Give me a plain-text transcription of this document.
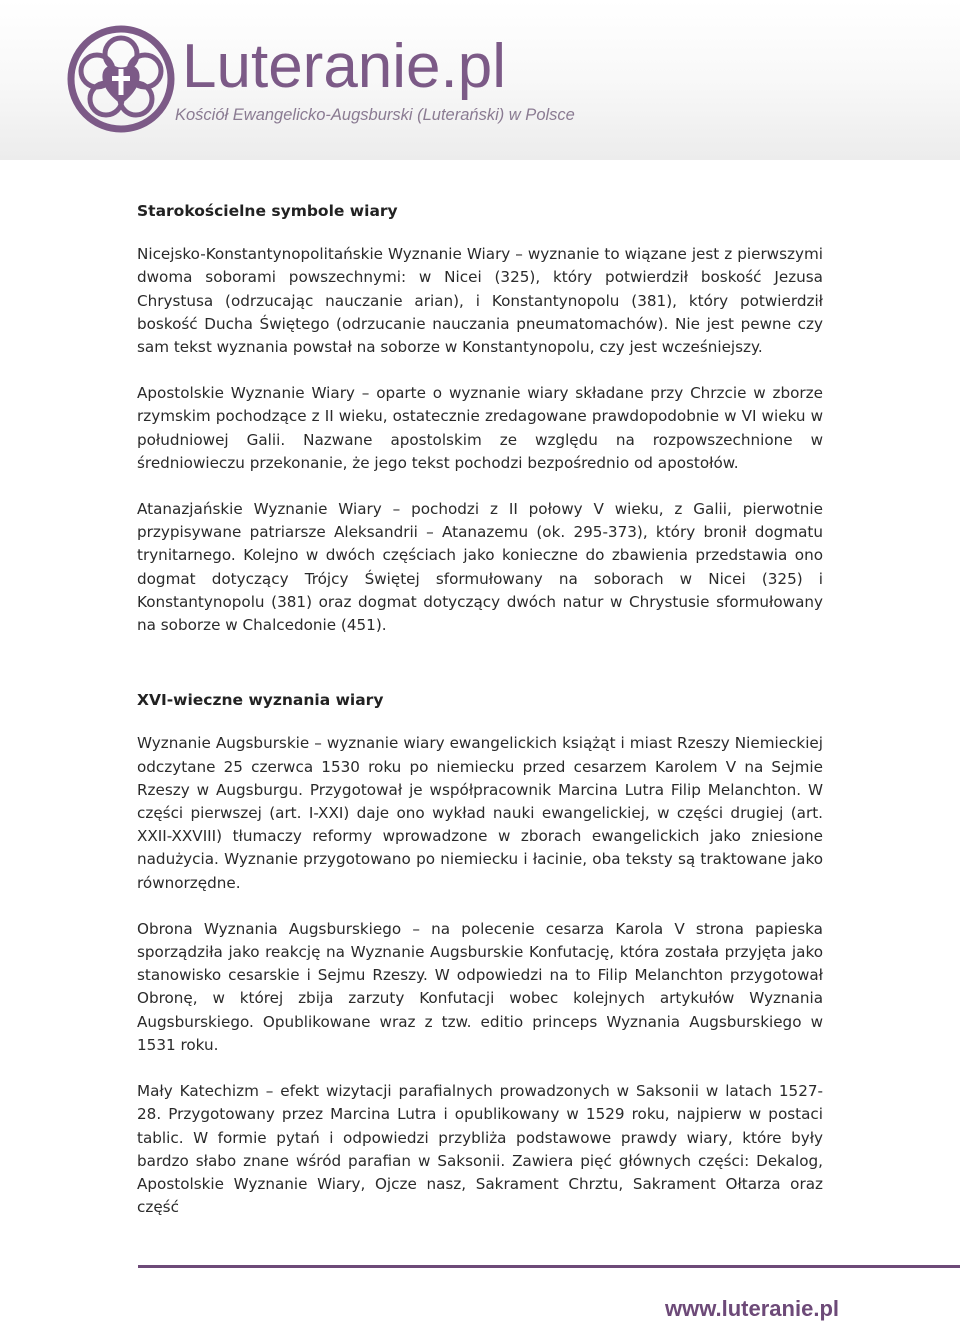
Luteranie.pl
Kościół Ewangelicko-Augsburski (Luterański) w Polsce
Starokościelne symbole wiary

Nicejsko-Konstantynopolitańskie Wyznanie Wiary – wyznanie to wiązane jest z pierwszymi dwoma soborami powszechnymi: w Nicei (325), który potwierdził boskość Jezusa Chrystusa (odrzucając nauczanie arian), i Konstantynopolu (381), który potwierdził boskość Ducha Świętego (odrzucanie nauczania pneumatomachów). Nie jest pewne czy sam tekst wyznania powstał na soborze w Konstantynopolu, czy jest wcześniejszy.

Apostolskie Wyznanie Wiary – oparte o wyznanie wiary składane przy Chrzcie w zborze rzymskim pochodzące z II wieku, ostatecznie zredagowane prawdopodobnie w VI wieku w południowej Galii. Nazwane apostolskim ze względu na rozpowszechnione w średniowieczu przekonanie, że jego tekst pochodzi bezpośrednio od apostołów.

Atanazjańskie Wyznanie Wiary – pochodzi z II połowy V wieku, z Galii, pierwotnie przypisywane patriarsze Aleksandrii – Atanazemu (ok. 295-373), który bronił dogmatu trynitarnego. Kolejno w dwóch częściach jako konieczne do zbawienia przedstawia ono dogmat dotyczący Trójcy Świętej sformułowany na soborach w Nicei (325) i Konstantynopolu (381) oraz dogmat dotyczący dwóch natur w Chrystusie sformułowany na soborze w Chalcedonie (451).

XVI-wieczne wyznania wiary

Wyznanie Augsburskie – wyznanie wiary ewangelickich książąt i miast Rzeszy Niemieckiej odczytane 25 czerwca 1530 roku po niemiecku przed cesarzem Karolem V na Sejmie Rzeszy w Augsburgu. Przygotował je współpracownik Marcina Lutra Filip Melanchton. W części pierwszej (art. I-XXI) daje ono wykład nauki ewangelickiej, w części drugiej (art. XXII-XXVIII) tłumaczy reformy wprowadzone w zborach ewangelickich jako zniesione nadużycia. Wyznanie przygotowano po niemiecku i łacinie, oba teksty są traktowane jako równorzędne.

Obrona Wyznania Augsburskiego – na polecenie cesarza Karola V strona papieska sporządziła jako reakcję na Wyznanie Augsburskie Konfutację, która została przyjęta jako stanowisko cesarskie i Sejmu Rzeszy. W odpowiedzi na to Filip Melanchton przygotował Obronę, w której zbija zarzuty Konfutacji wobec kolejnych artykułów Wyznania Augsburskiego. Opublikowane wraz z tzw. editio princeps Wyznania Augsburskiego w 1531 roku.

Mały Katechizm – efekt wizytacji parafialnych prowadzonych w Saksonii w latach 1527-28. Przygotowany przez Marcina Lutra i opublikowany w 1529 roku, najpierw w postaci tablic. W formie pytań i odpowiedzi przybliża podstawowe prawdy wiary, które były bardzo słabo znane wśród parafian w Saksonii. Zawiera pięć głównych części: Dekalog, Apostolskie Wyznanie Wiary, Ojcze nasz, Sakrament Chrztu, Sakrament Ołtarza oraz część

www.luteranie.pl
